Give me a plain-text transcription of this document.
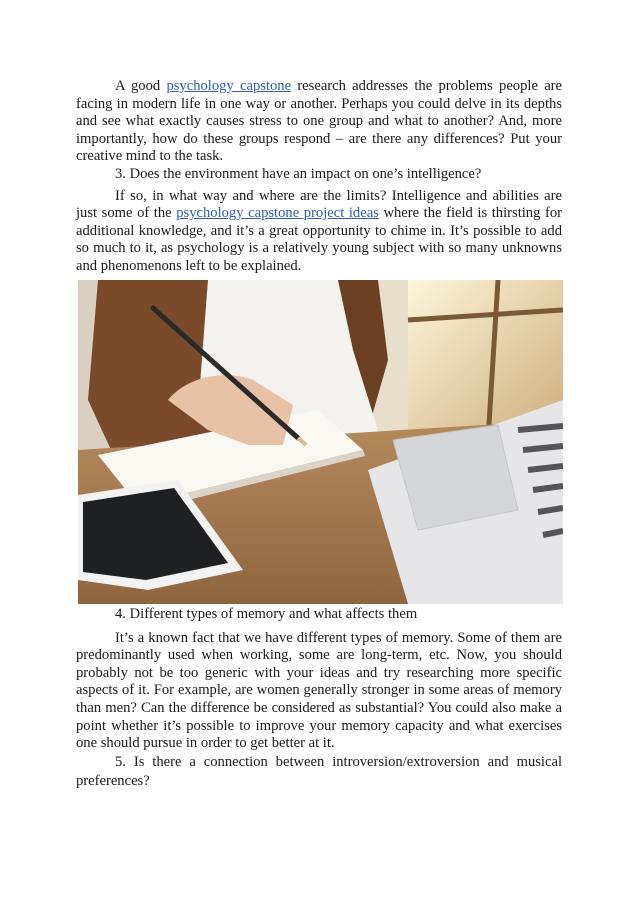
A good psychology capstone research addresses the problems people are facing in modern life in one way or another. Perhaps you could delve in its depths and see what exactly causes stress to one group and what to another? And, more importantly, how do these groups respond – are there any differences? Put your creative mind to the task.

3. Does the environment have an impact on one’s intelligence?

If so, in what way and where are the limits? Intelligence and abilities are just some of the psychology capstone project ideas where the field is thirsting for additional knowledge, and it’s a great opportunity to chime in. It’s possible to add so much to it, as psychology is a relatively young subject with so many unknowns and phenomenons left to be explained.

4. Different types of memory and what affects them

It’s a known fact that we have different types of memory. Some of them are predominantly used when working, some are long-term, etc. Now, you should probably not be too generic with your ideas and try researching more specific aspects of it. For example, are women generally stronger in some areas of memory than men? Can the difference be considered as substantial? You could also make a point whether it’s possible to improve your memory capacity and what exercises one should pursue in order to get better at it.

5. Is there a connection between introversion/extroversion and musical preferences?
